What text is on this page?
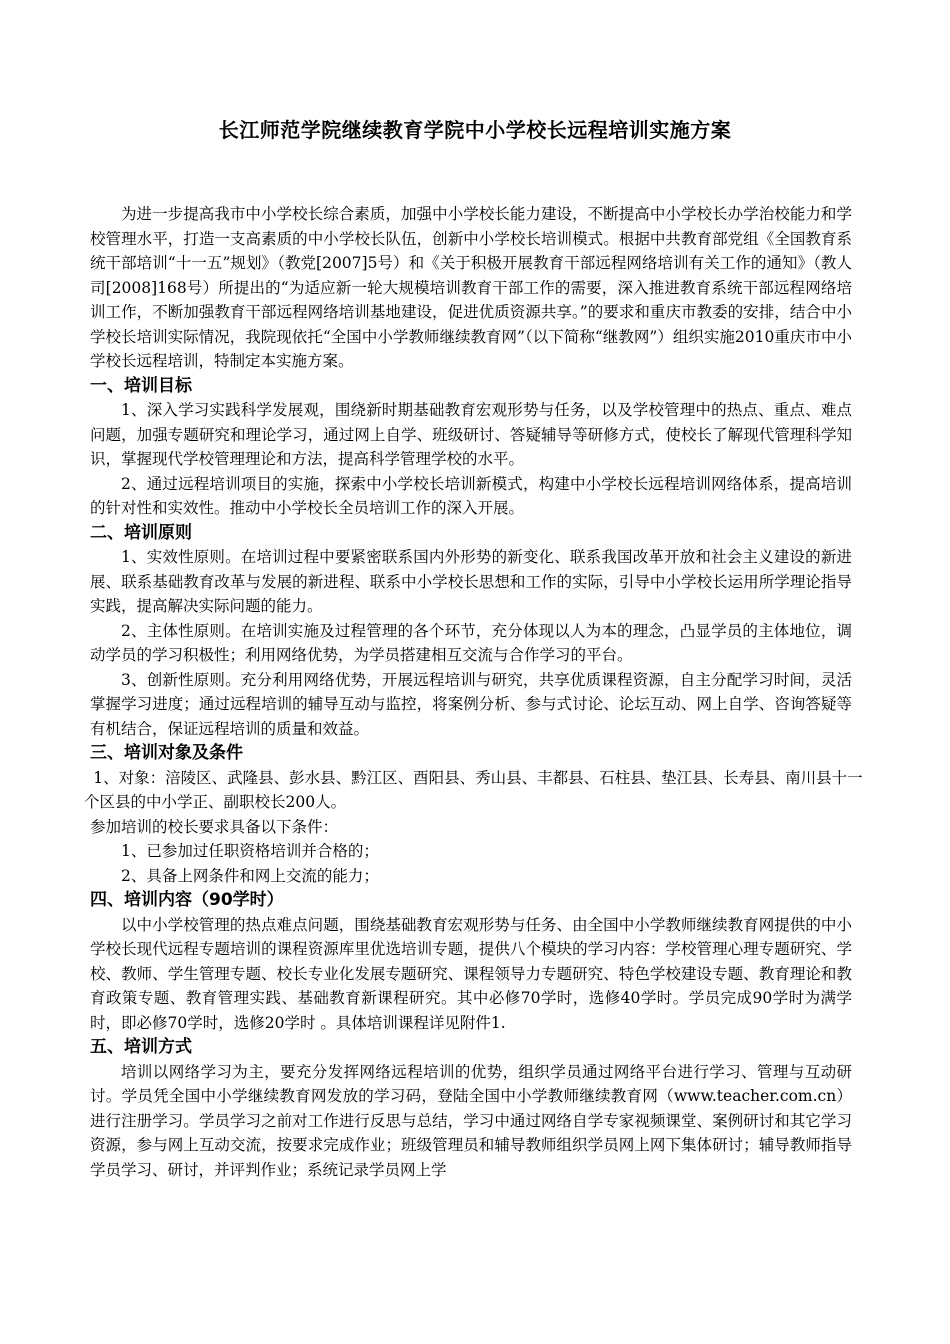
长江师范学院继续教育学院中小学校长远程培训实施方案

为进一步提高我市中小学校长综合素质，加强中小学校长能力建设，不断提高中小学校长办学治校能力和学校管理水平，打造一支高素质的中小学校长队伍，创新中小学校长培训模式。根据中共教育部党组《全国教育系统干部培训“十一五”规划》（教党[2007]5号）和《关于积极开展教育干部远程网络培训有关工作的通知》（教人司[2008]168号）所提出的“为适应新一轮大规模培训教育干部工作的需要，深入推进教育系统干部远程网络培训工作，不断加强教育干部远程网络培训基地建设，促进优质资源共享。”的要求和重庆市教委的安排，结合中小学校长培训实际情况，我院现依托“全国中小学教师继续教育网”（以下简称“继教网”）组织实施2010重庆市中小学校长远程培训，特制定本实施方案。

一、培训目标

1、深入学习实践科学发展观，围绕新时期基础教育宏观形势与任务，以及学校管理中的热点、重点、难点问题，加强专题研究和理论学习，通过网上自学、班级研讨、答疑辅导等研修方式，使校长了解现代管理科学知识，掌握现代学校管理理论和方法，提高科学管理学校的水平。

2、通过远程培训项目的实施，探索中小学校长培训新模式，构建中小学校长远程培训网络体系，提高培训的针对性和实效性。推动中小学校长全员培训工作的深入开展。

二、培训原则

1、实效性原则。在培训过程中要紧密联系国内外形势的新变化、联系我国改革开放和社会主义建设的新进展、联系基础教育改革与发展的新进程、联系中小学校长思想和工作的实际，引导中小学校长运用所学理论指导实践，提高解决实际问题的能力。

2、主体性原则。在培训实施及过程管理的各个环节，充分体现以人为本的理念，凸显学员的主体地位，调动学员的学习积极性；利用网络优势，为学员搭建相互交流与合作学习的平台。

3、创新性原则。充分利用网络优势，开展远程培训与研究，共享优质课程资源，自主分配学习时间，灵活掌握学习进度；通过远程培训的辅导互动与监控，将案例分析、参与式讨论、论坛互动、网上自学、咨询答疑等有机结合，保证远程培训的质量和效益。

三、培训对象及条件

1、对象：涪陵区、武隆县、彭水县、黔江区、酉阳县、秀山县、丰都县、石柱县、垫江县、长寿县、南川县十一个区县的中小学正、副职校长200人。

参加培训的校长要求具备以下条件：

1、已参加过任职资格培训并合格的；

2、具备上网条件和网上交流的能力；

四、培训内容（90学时）

以中小学校管理的热点难点问题，围绕基础教育宏观形势与任务、由全国中小学教师继续教育网提供的中小学校长现代远程专题培训的课程资源库里优选培训专题，提供八个模块的学习内容：学校管理心理专题研究、学校、教师、学生管理专题、校长专业化发展专题研究、课程领导力专题研究、特色学校建设专题、教育理论和教育政策专题、教育管理实践、基础教育新课程研究。其中必修70学时，选修40学时。学员完成90学时为满学时，即必修70学时，选修20学时 。具体培训课程详见附件1.

五、培训方式

培训以网络学习为主，要充分发挥网络远程培训的优势，组织学员通过网络平台进行学习、管理与互动研讨。学员凭全国中小学继续教育网发放的学习码，登陆全国中小学教师继续教育网（www.teacher.com.cn）进行注册学习。学员学习之前对工作进行反思与总结，学习中通过网络自学专家视频课堂、案例研讨和其它学习资源，参与网上互动交流，按要求完成作业；班级管理员和辅导教师组织学员网上网下集体研讨；辅导教师指导学员学习、研讨，并评判作业；系统记录学员网上学
